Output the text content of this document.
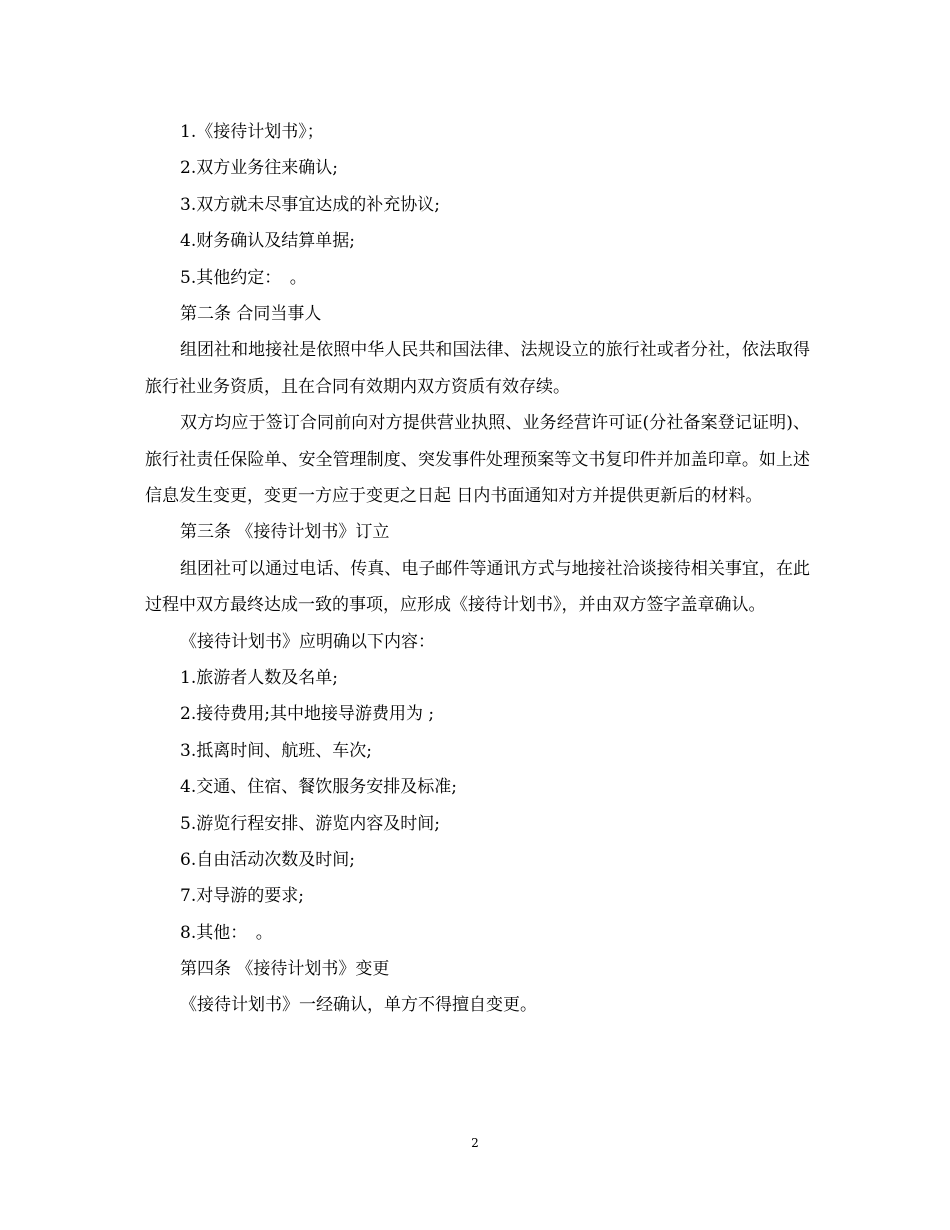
1.《接待计划书》；
2.双方业务往来确认;
3.双方就未尽事宜达成的补充协议;
4.财务确认及结算单据;
5.其他约定：　。
第二条 合同当事人

组团社和地接社是依照中华人民共和国法律、法规设立的旅行社或者分社，依法取得旅行社业务资质，且在合同有效期内双方资质有效存续。

双方均应于签订合同前向对方提供营业执照、业务经营许可证(分社备案登记证明)、旅行社责任保险单、安全管理制度、突发事件处理预案等文书复印件并加盖印章。如上述信息发生变更，变更一方应于变更之日起 日内书面通知对方并提供更新后的材料。

第三条 《接待计划书》订立

组团社可以通过电话、传真、电子邮件等通讯方式与地接社洽谈接待相关事宜，在此过程中双方最终达成一致的事项，应形成《接待计划书》，并由双方签字盖章确认。

《接待计划书》应明确以下内容：
1.旅游者人数及名单;
2.接待费用;其中地接导游费用为 ;
3.抵离时间、航班、车次;
4.交通、住宿、餐饮服务安排及标准;
5.游览行程安排、游览内容及时间;
6.自由活动次数及时间;
7.对导游的要求;
8.其他：　。
第四条 《接待计划书》变更

《接待计划书》一经确认，单方不得擅自变更。

2
